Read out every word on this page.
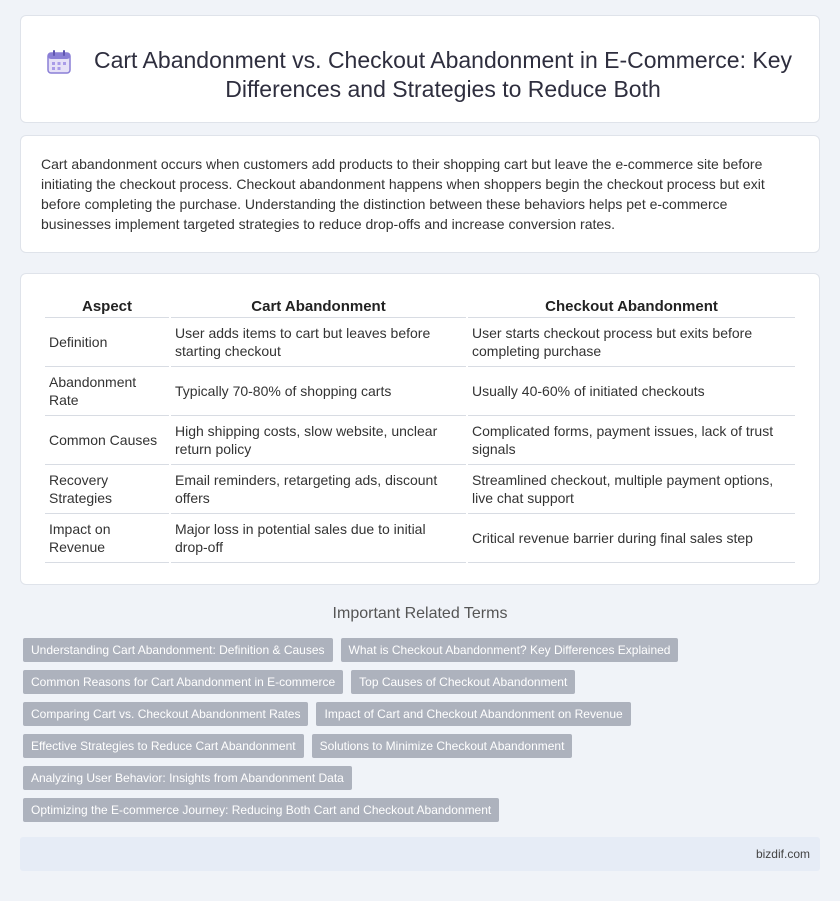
Cart Abandonment vs. Checkout Abandonment in E-Commerce: Key Differences and Strategies to Reduce Both

Cart abandonment occurs when customers add products to their shopping cart but leave the e-commerce site before initiating the checkout process. Checkout abandonment happens when shoppers begin the checkout process but exit before completing the purchase. Understanding the distinction between these behaviors helps pet e-commerce businesses implement targeted strategies to reduce drop-offs and increase conversion rates.

Aspect	Cart Abandonment	Checkout Abandonment
Definition	User adds items to cart but leaves before starting checkout	User starts checkout process but exits before completing purchase
Abandonment Rate	Typically 70-80% of shopping carts	Usually 40-60% of initiated checkouts
Common Causes	High shipping costs, slow website, unclear return policy	Complicated forms, payment issues, lack of trust signals
Recovery Strategies	Email reminders, retargeting ads, discount offers	Streamlined checkout, multiple payment options, live chat support
Impact on Revenue	Major loss in potential sales due to initial drop-off	Critical revenue barrier during final sales step
Important Related Terms
Understanding Cart Abandonment: Definition & Causes	What is Checkout Abandonment? Key Differences Explained
Common Reasons for Cart Abandonment in E-commerce	Top Causes of Checkout Abandonment
Comparing Cart vs. Checkout Abandonment Rates	Impact of Cart and Checkout Abandonment on Revenue
Effective Strategies to Reduce Cart Abandonment	Solutions to Minimize Checkout Abandonment
Analyzing User Behavior: Insights from Abandonment Data
Optimizing the E-commerce Journey: Reducing Both Cart and Checkout Abandonment
bizdif.com
